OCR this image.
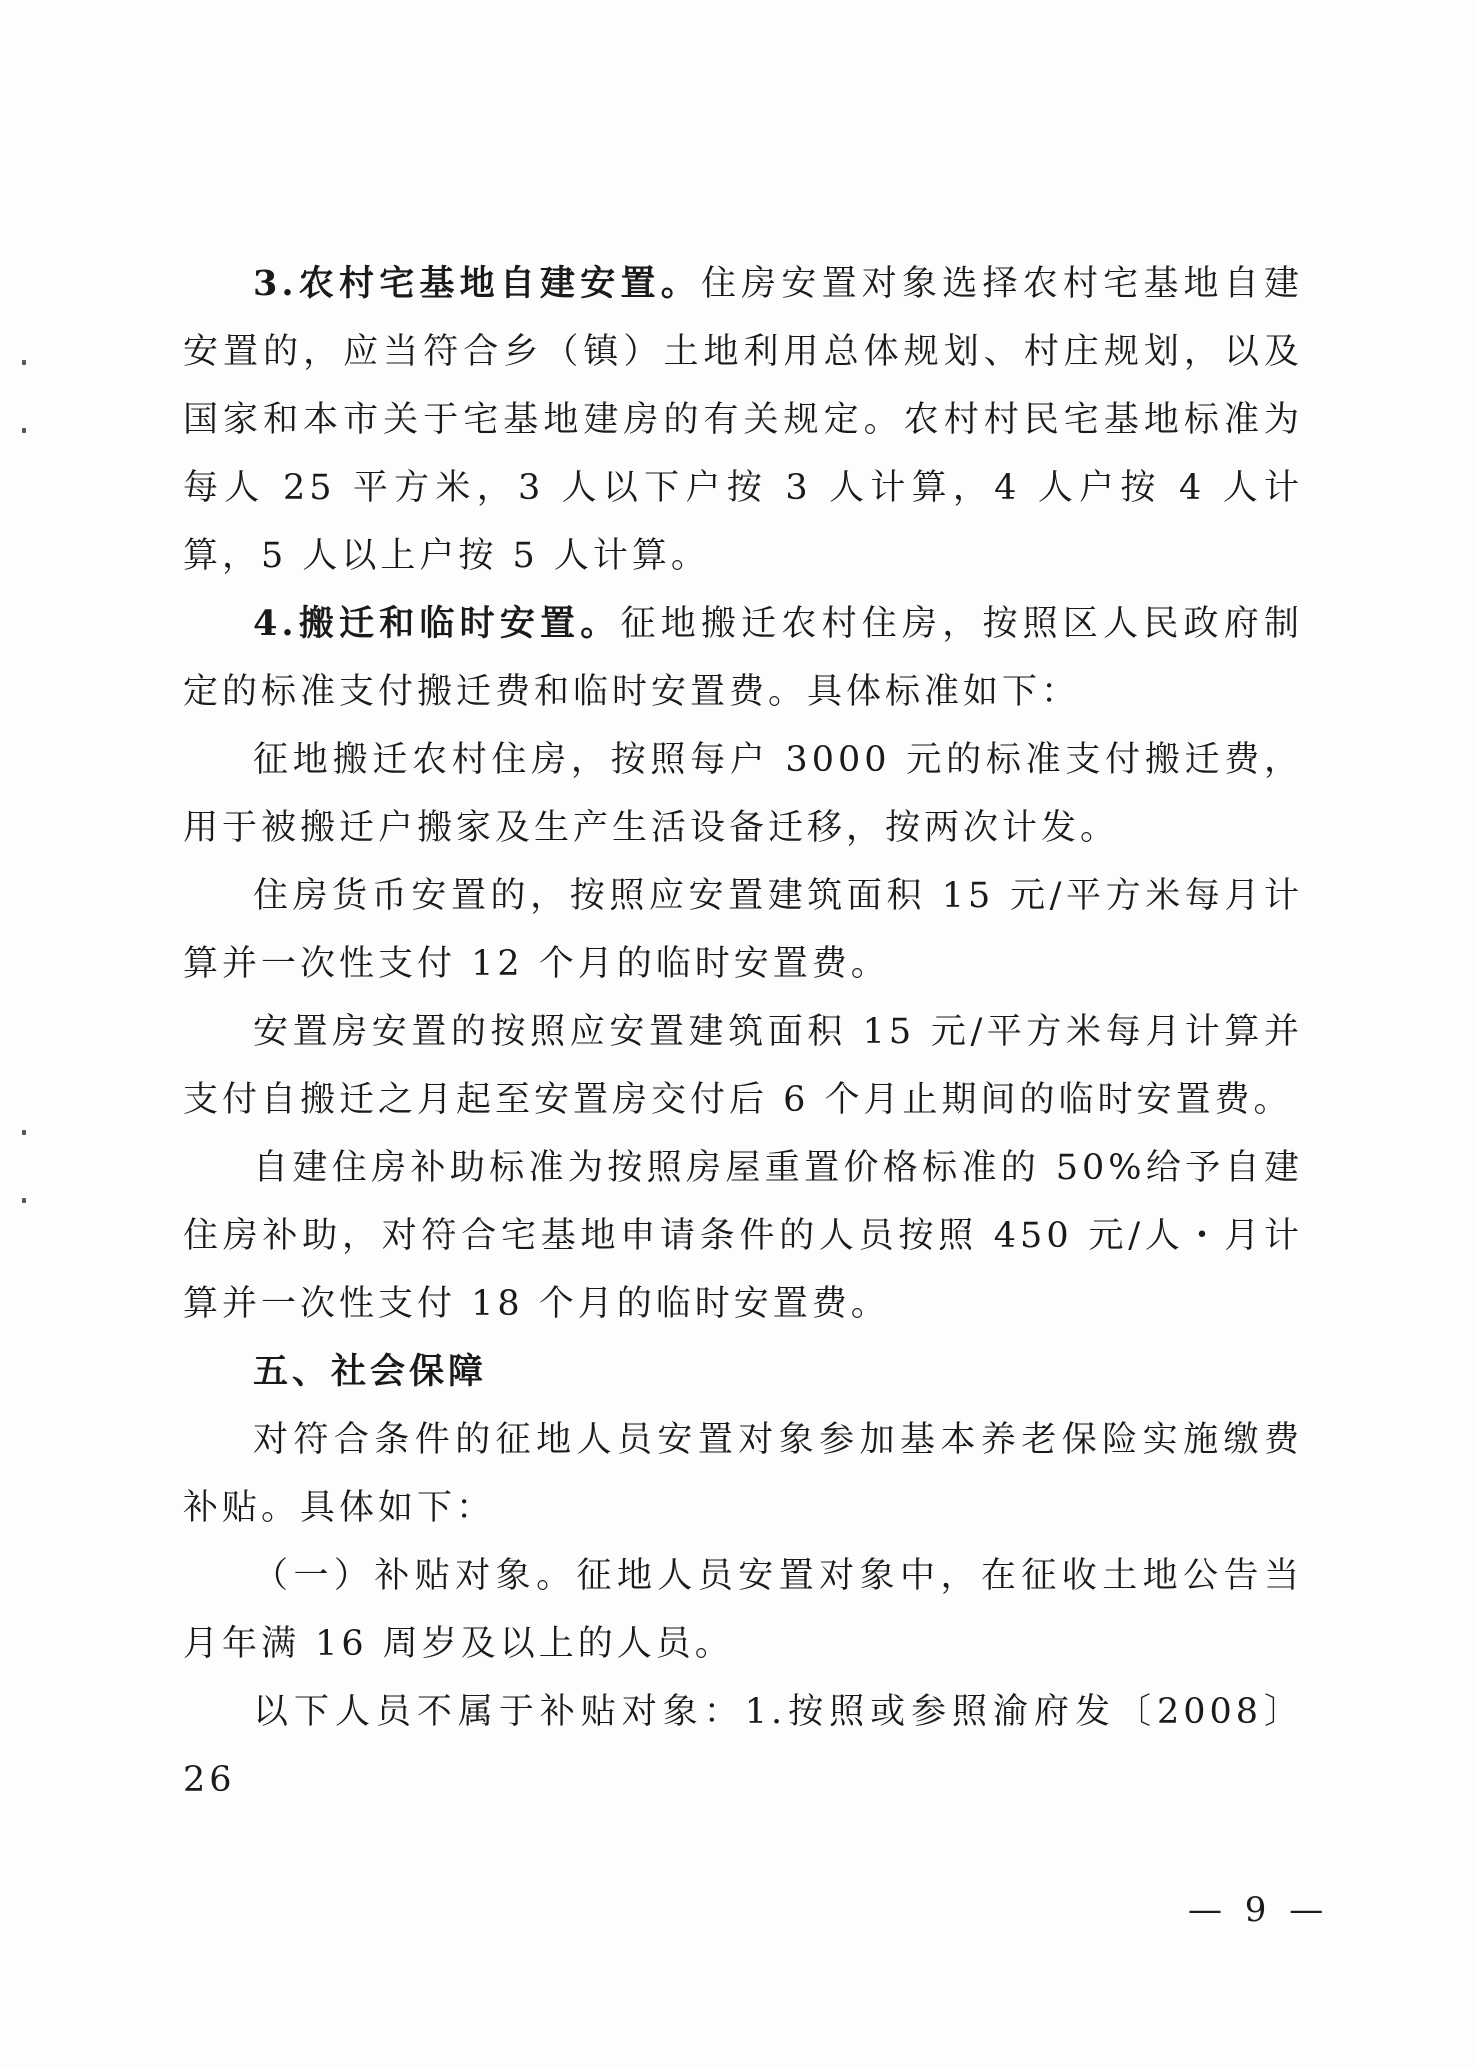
3.农村宅基地自建安置。住房安置对象选择农村宅基地自建安置的，应当符合乡（镇）土地利用总体规划、村庄规划，以及国家和本市关于宅基地建房的有关规定。农村村民宅基地标准为每人 25 平方米，3 人以下户按 3 人计算，4 人户按 4 人计算，5 人以上户按 5 人计算。

4.搬迁和临时安置。征地搬迁农村住房，按照区人民政府制定的标准支付搬迁费和临时安置费。具体标准如下：

征地搬迁农村住房，按照每户 3000 元的标准支付搬迁费，用于被搬迁户搬家及生产生活设备迁移，按两次计发。

住房货币安置的，按照应安置建筑面积 15 元/平方米每月计算并一次性支付 12 个月的临时安置费。

安置房安置的按照应安置建筑面积 15 元/平方米每月计算并支付自搬迁之月起至安置房交付后 6 个月止期间的临时安置费。

自建住房补助标准为按照房屋重置价格标准的 50%给予自建住房补助，对符合宅基地申请条件的人员按照 450 元/人・月计算并一次性支付 18 个月的临时安置费。

五、社会保障

对符合条件的征地人员安置对象参加基本养老保险实施缴费补贴。具体如下：

（一）补贴对象。征地人员安置对象中，在征收土地公告当月年满 16 周岁及以上的人员。

以下人员不属于补贴对象：1.按照或参照渝府发〔2008〕26

— 9 —
